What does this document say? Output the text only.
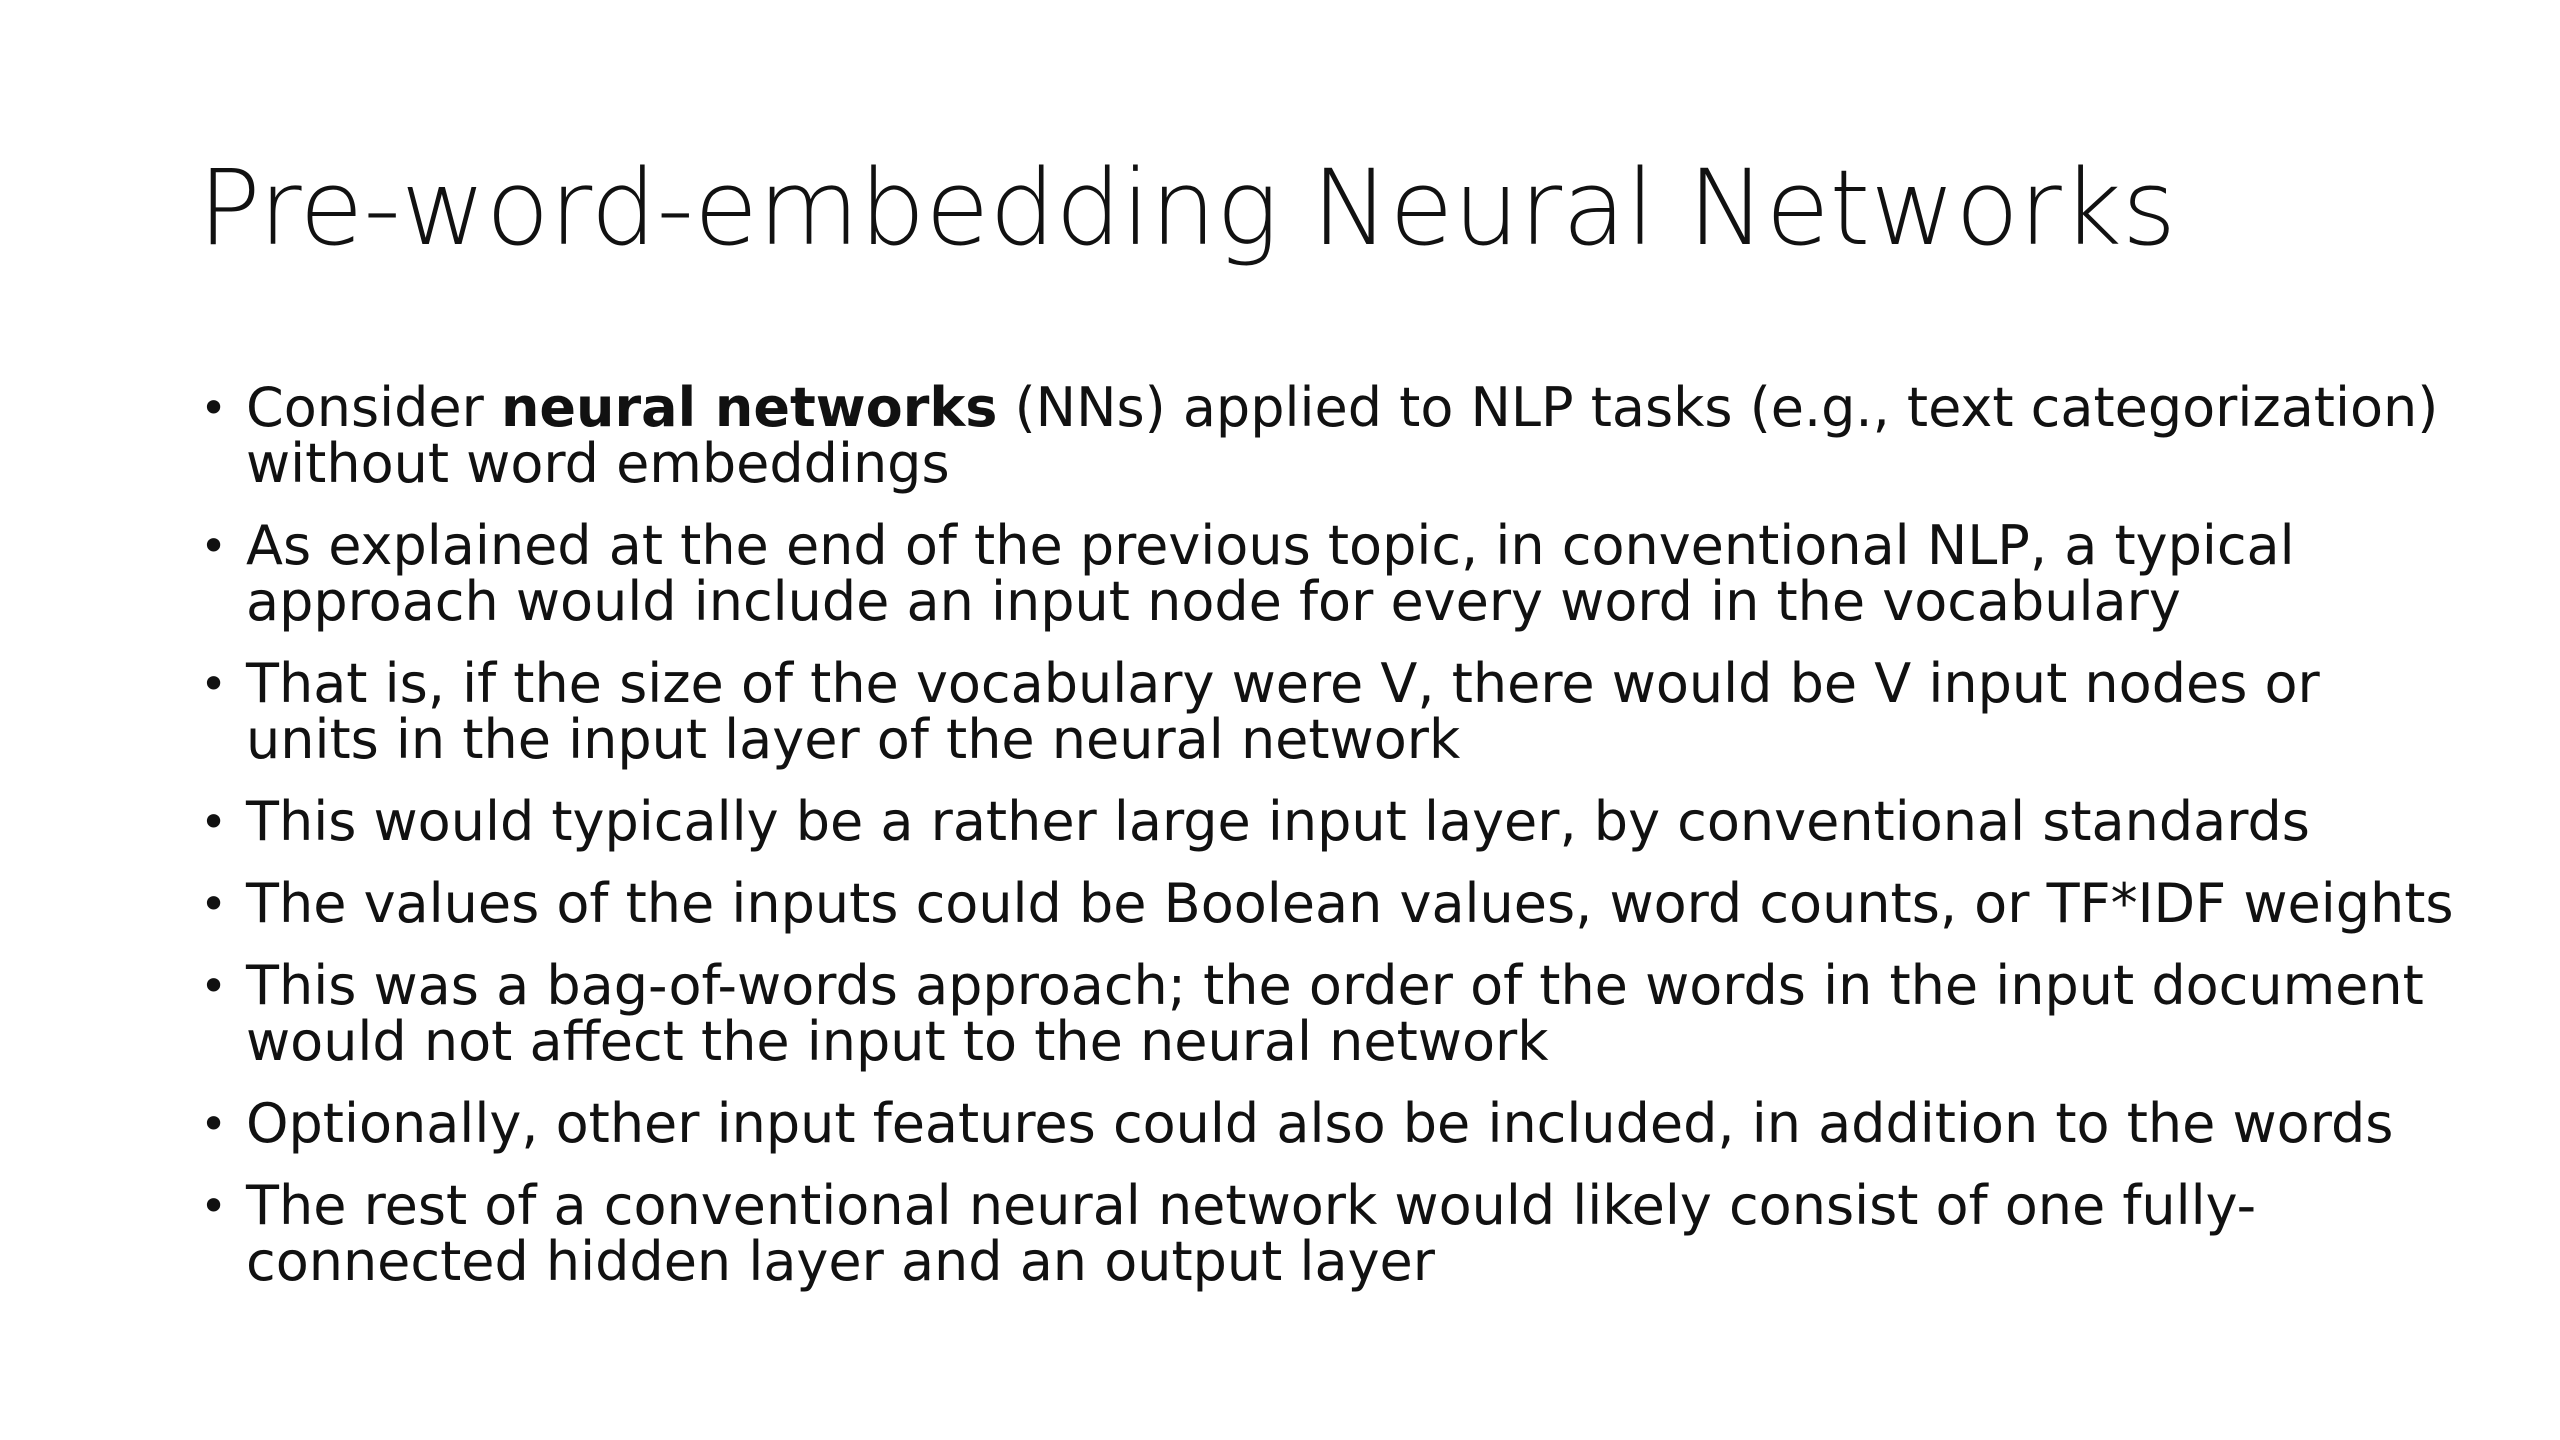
Pre-word-embedding Neural Networks
• Consider neural networks (NNs) applied to NLP tasks (e.g., text categorization) without word embeddings
• As explained at the end of the previous topic, in conventional NLP, a typical approach would include an input node for every word in the vocabulary
• That is, if the size of the vocabulary were V, there would be V input nodes or units in the input layer of the neural network
• This would typically be a rather large input layer, by conventional standards
• The values of the inputs could be Boolean values, word counts, or TF*IDF weights
• This was a bag-of-words approach; the order of the words in the input document would not affect the input to the neural network
• Optionally, other input features could also be included, in addition to the words
• The rest of a conventional neural network would likely consist of one fully-connected hidden layer and an output layer
